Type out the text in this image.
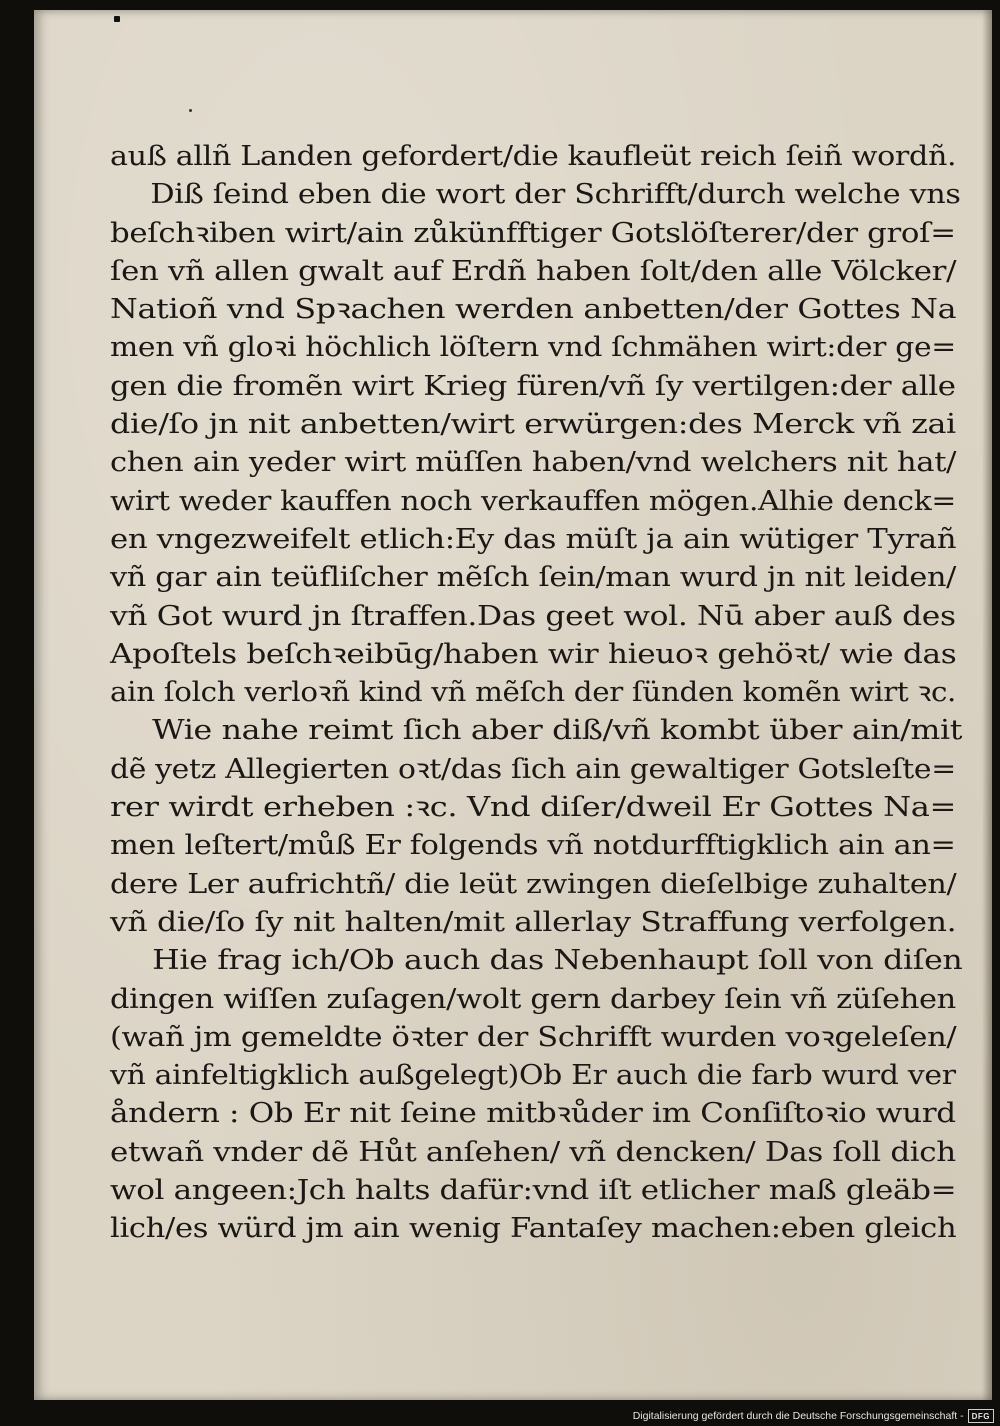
auß allñ Landen gefordert/die kaufleüt reich ſeiñ wordñ.
Diß ſeind eben die wort der Schrifft/durch welche vns
beſchꝛiben wirt/ain zůkünfftiger Gotslöſterer/der groſ=
ſen vñ allen gwalt auf Erdñ haben ſolt/den alle Völcker/
Natioñ vnd Spꝛachen werden anbetten/der Gottes Na
men vñ gloꝛi höchlich löſtern vnd ſchmähen wirt:der ge=
gen die fromẽn wirt Krieg füren/vñ ſy vertilgen:der alle
die/ſo jn nit anbetten/wirt erwürgen:des Merck vñ zai
chen ain yeder wirt müſſen haben/vnd welchers nit hat/
wirt weder kauffen noch verkauffen mögen.Alhie denck=
en vngezweifelt etlich:Ey das müſt ja ain wütiger Tyrañ
vñ gar ain teüfliſcher mẽſch ſein/man wurd jn nit leiden/
vñ Got wurd jn ſtraffen.Das geet wol. Nū aber auß des
Apoſtels beſchꝛeibūg/haben wir hieuoꝛ gehöꝛt/ wie das
ain ſolch verloꝛñ kind vñ mẽſch der ſünden komẽn wirt ꝛc.
Wie nahe reimt ſich aber diß/vñ kombt über ain/mit
dẽ yetz Allegierten oꝛt/das ſich ain gewaltiger Gotsleſte=
rer wirdt erheben :ꝛc. Vnd diſer/dweil Er Gottes Na=
men leſtert/můß Er folgends vñ notdurfftigklich ain an=
dere Ler aufrichtñ/ die leüt zwingen dieſelbige zuhalten/
vñ die/ſo ſy nit halten/mit allerlay Straffung verfolgen.
Hie frag ich/Ob auch das Nebenhaupt ſoll von diſen
dingen wiſſen zuſagen/wolt gern darbey ſein vñ züſehen
(wañ jm gemeldte öꝛter der Schrifft wurden voꝛgeleſen/
vñ ainfeltigklich außgelegt)Ob Er auch die farb wurd ver
åndern : Ob Er nit ſeine mitbꝛůder im Conſiſtoꝛio wurd
etwañ vnder dẽ Hůt anſehen/ vñ dencken/ Das ſoll dich
wol angeen:Jch halts dafür:vnd iſt etlicher maß gleäb=
lich/es würd jm ain wenig Fantaſey machen:eben gleich
Digitalisierung gefördert durch die Deutsche Forschungsgemeinschaft -	DFG
